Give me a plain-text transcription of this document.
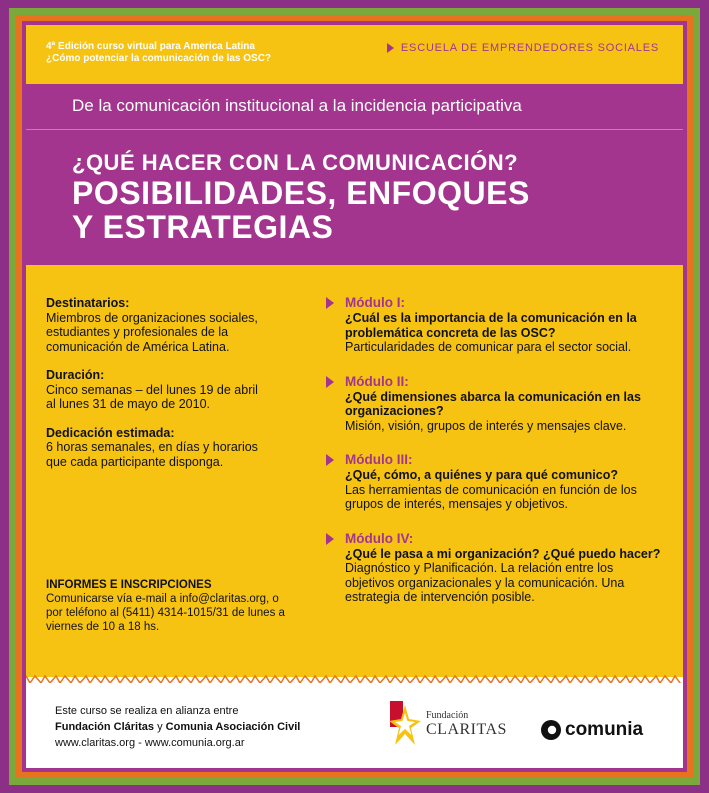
4ª Edición curso virtual para America Latina
¿Cómo potenciar la comunicación de las OSC?
ESCUELA DE EMPRENDEDORES SOCIALES
De la comunicación institucional a la incidencia participativa
¿QUÉ HACER CON LA COMUNICACIÓN?
POSIBILIDADES, ENFOQUES
Y ESTRATEGIAS
Destinatarios:
Miembros de organizaciones sociales,
estudiantes y profesionales de la
comunicación de América Latina.
Duración:
Cinco semanas – del lunes 19 de abril
al lunes 31 de mayo de 2010.
Dedicación estimada:
6 horas semanales, en días y horarios
que cada participante disponga.
INFORMES E INSCRIPCIONES
Comunicarse vía e-mail a info@claritas.org, o
por teléfono al (5411) 4314-1015/31 de lunes a
viernes de 10 a 18 hs.
Módulo I:
¿Cuál es la importancia de la comunicación en la
problemática concreta de las OSC?
Particularidades de comunicar para el sector social.
Módulo II:
¿Qué dimensiones abarca la comunicación en las
organizaciones?
Misión, visión, grupos de interés y mensajes clave.
Módulo III:
¿Qué, cómo, a quiénes y para qué comunico?
Las herramientas de comunicación en función de los
grupos de interés, mensajes y objetivos.
Módulo IV:
¿Qué le pasa a mi organización? ¿Qué puedo hacer?
Diagnóstico y Planificación. La relación entre los
objetivos organizacionales y la comunicación. Una
estrategia de intervención posible.
Este curso se realiza en alianza entre
Fundación Cláritas y Comunia Asociación Civil
www.claritas.org - www.comunia.org.ar
Fundación
CLARITAS	comunia
